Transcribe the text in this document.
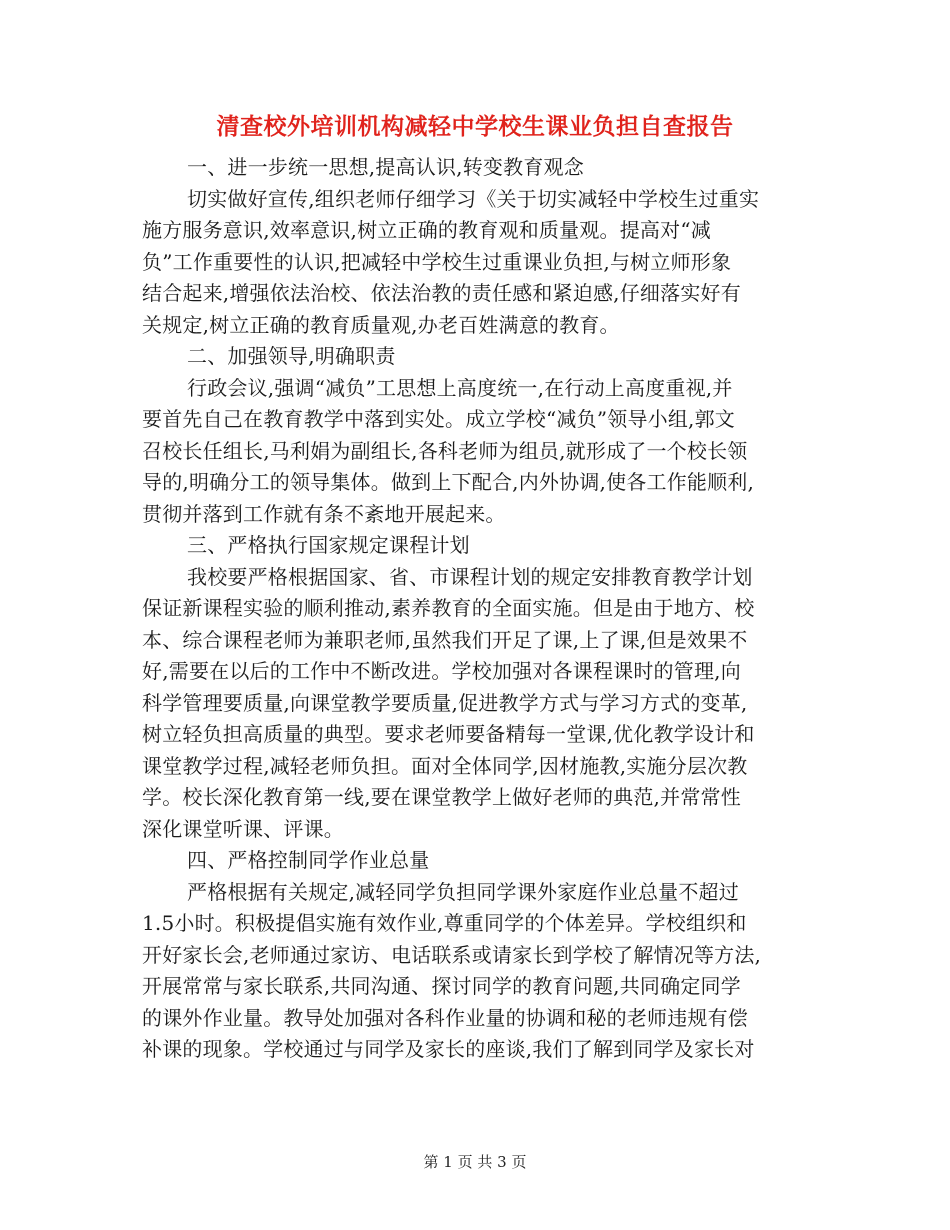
清查校外培训机构减轻中学校生课业负担自查报告
一、进一步统一思想,提高认识,转变教育观念
切实做好宣传,组织老师仔细学习《关于切实减轻中学校生过重实
施方服务意识,效率意识,树立正确的教育观和质量观。提高对“减
负”工作重要性的认识,把减轻中学校生过重课业负担,与树立师形象
结合起来,增强依法治校、依法治教的责任感和紧迫感,仔细落实好有
关规定,树立正确的教育质量观,办老百姓满意的教育。
二、加强领导,明确职责
行政会议,强调“减负”工思想上高度统一,在行动上高度重视,并
要首先自己在教育教学中落到实处。成立学校“减负”领导小组,郭文
召校长任组长,马利娟为副组长,各科老师为组员,就形成了一个校长领
导的,明确分工的领导集体。做到上下配合,内外协调,使各工作能顺利,
贯彻并落到工作就有条不紊地开展起来。
三、严格执行国家规定课程计划
我校要严格根据国家、省、市课程计划的规定安排教育教学计划
保证新课程实验的顺利推动,素养教育的全面实施。但是由于地方、校
本、综合课程老师为兼职老师,虽然我们开足了课,上了课,但是效果不
好,需要在以后的工作中不断改进。学校加强对各课程课时的管理,向
科学管理要质量,向课堂教学要质量,促进教学方式与学习方式的变革,
树立轻负担高质量的典型。要求老师要备精每一堂课,优化教学设计和
课堂教学过程,减轻老师负担。面对全体同学,因材施教,实施分层次教
学。校长深化教育第一线,要在课堂教学上做好老师的典范,并常常性
深化课堂听课、评课。
四、严格控制同学作业总量
严格根据有关规定,减轻同学负担同学课外家庭作业总量不超过
1.5小时。积极提倡实施有效作业,尊重同学的个体差异。学校组织和
开好家长会,老师通过家访、电话联系或请家长到学校了解情况等方法,
开展常常与家长联系,共同沟通、探讨同学的教育问题,共同确定同学
的课外作业量。教导处加强对各科作业量的协调和秘的老师违规有偿
补课的现象。学校通过与同学及家长的座谈,我们了解到同学及家长对
第 1 页 共 3 页
